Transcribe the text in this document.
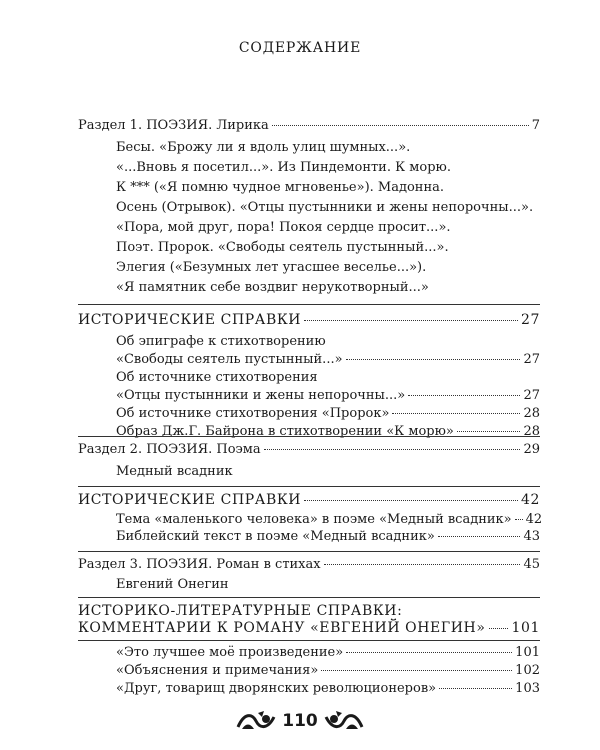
СОДЕРЖАНИЕ
Раздел 1. ПОЭЗИЯ. Лирика	7
Бесы. «Брожу ли я вдоль улиц шумных...».
«...Вновь я посетил...». Из Пиндемонти. К морю.
К *** («Я помню чудное мгновенье»). Мадонна.
Осень (Отрывок). «Отцы пустынники и жены непорочны...».
«Пора, мой друг, пора! Покоя сердце просит...».
Поэт. Пророк. «Свободы сеятель пустынный...».
Элегия («Безумных лет угасшее веселье...»).
«Я памятник себе воздвиг нерукотворный...»
ИСТОРИЧЕСКИЕ СПРАВКИ	27
Об эпиграфе к стихотворению
«Свободы сеятель пустынный...»	27
Об источнике стихотворения
«Отцы пустынники и жены непорочны...»	27
Об источнике стихотворения «Пророк»	28
Образ Дж.Г. Байрона в стихотворении «К морю»	28
Раздел 2. ПОЭЗИЯ. Поэма	29
Медный всадник
ИСТОРИЧЕСКИЕ СПРАВКИ	42
Тема «маленького человека» в поэме «Медный всадник» 42
Библейский текст в поэме «Медный всадник»	43
Раздел 3. ПОЭЗИЯ. Роман в стихах	45
Евгений Онегин
ИСТОРИКО-ЛИТЕРАТУРНЫЕ СПРАВКИ:
КОММЕНТАРИИ К РОМАНУ «ЕВГЕНИЙ ОНЕГИН» 101
«Это лучшее моё произведение»	101
«Объяснения и примечания»	102
«Друг, товарищ дворянских революционеров»	103
110
